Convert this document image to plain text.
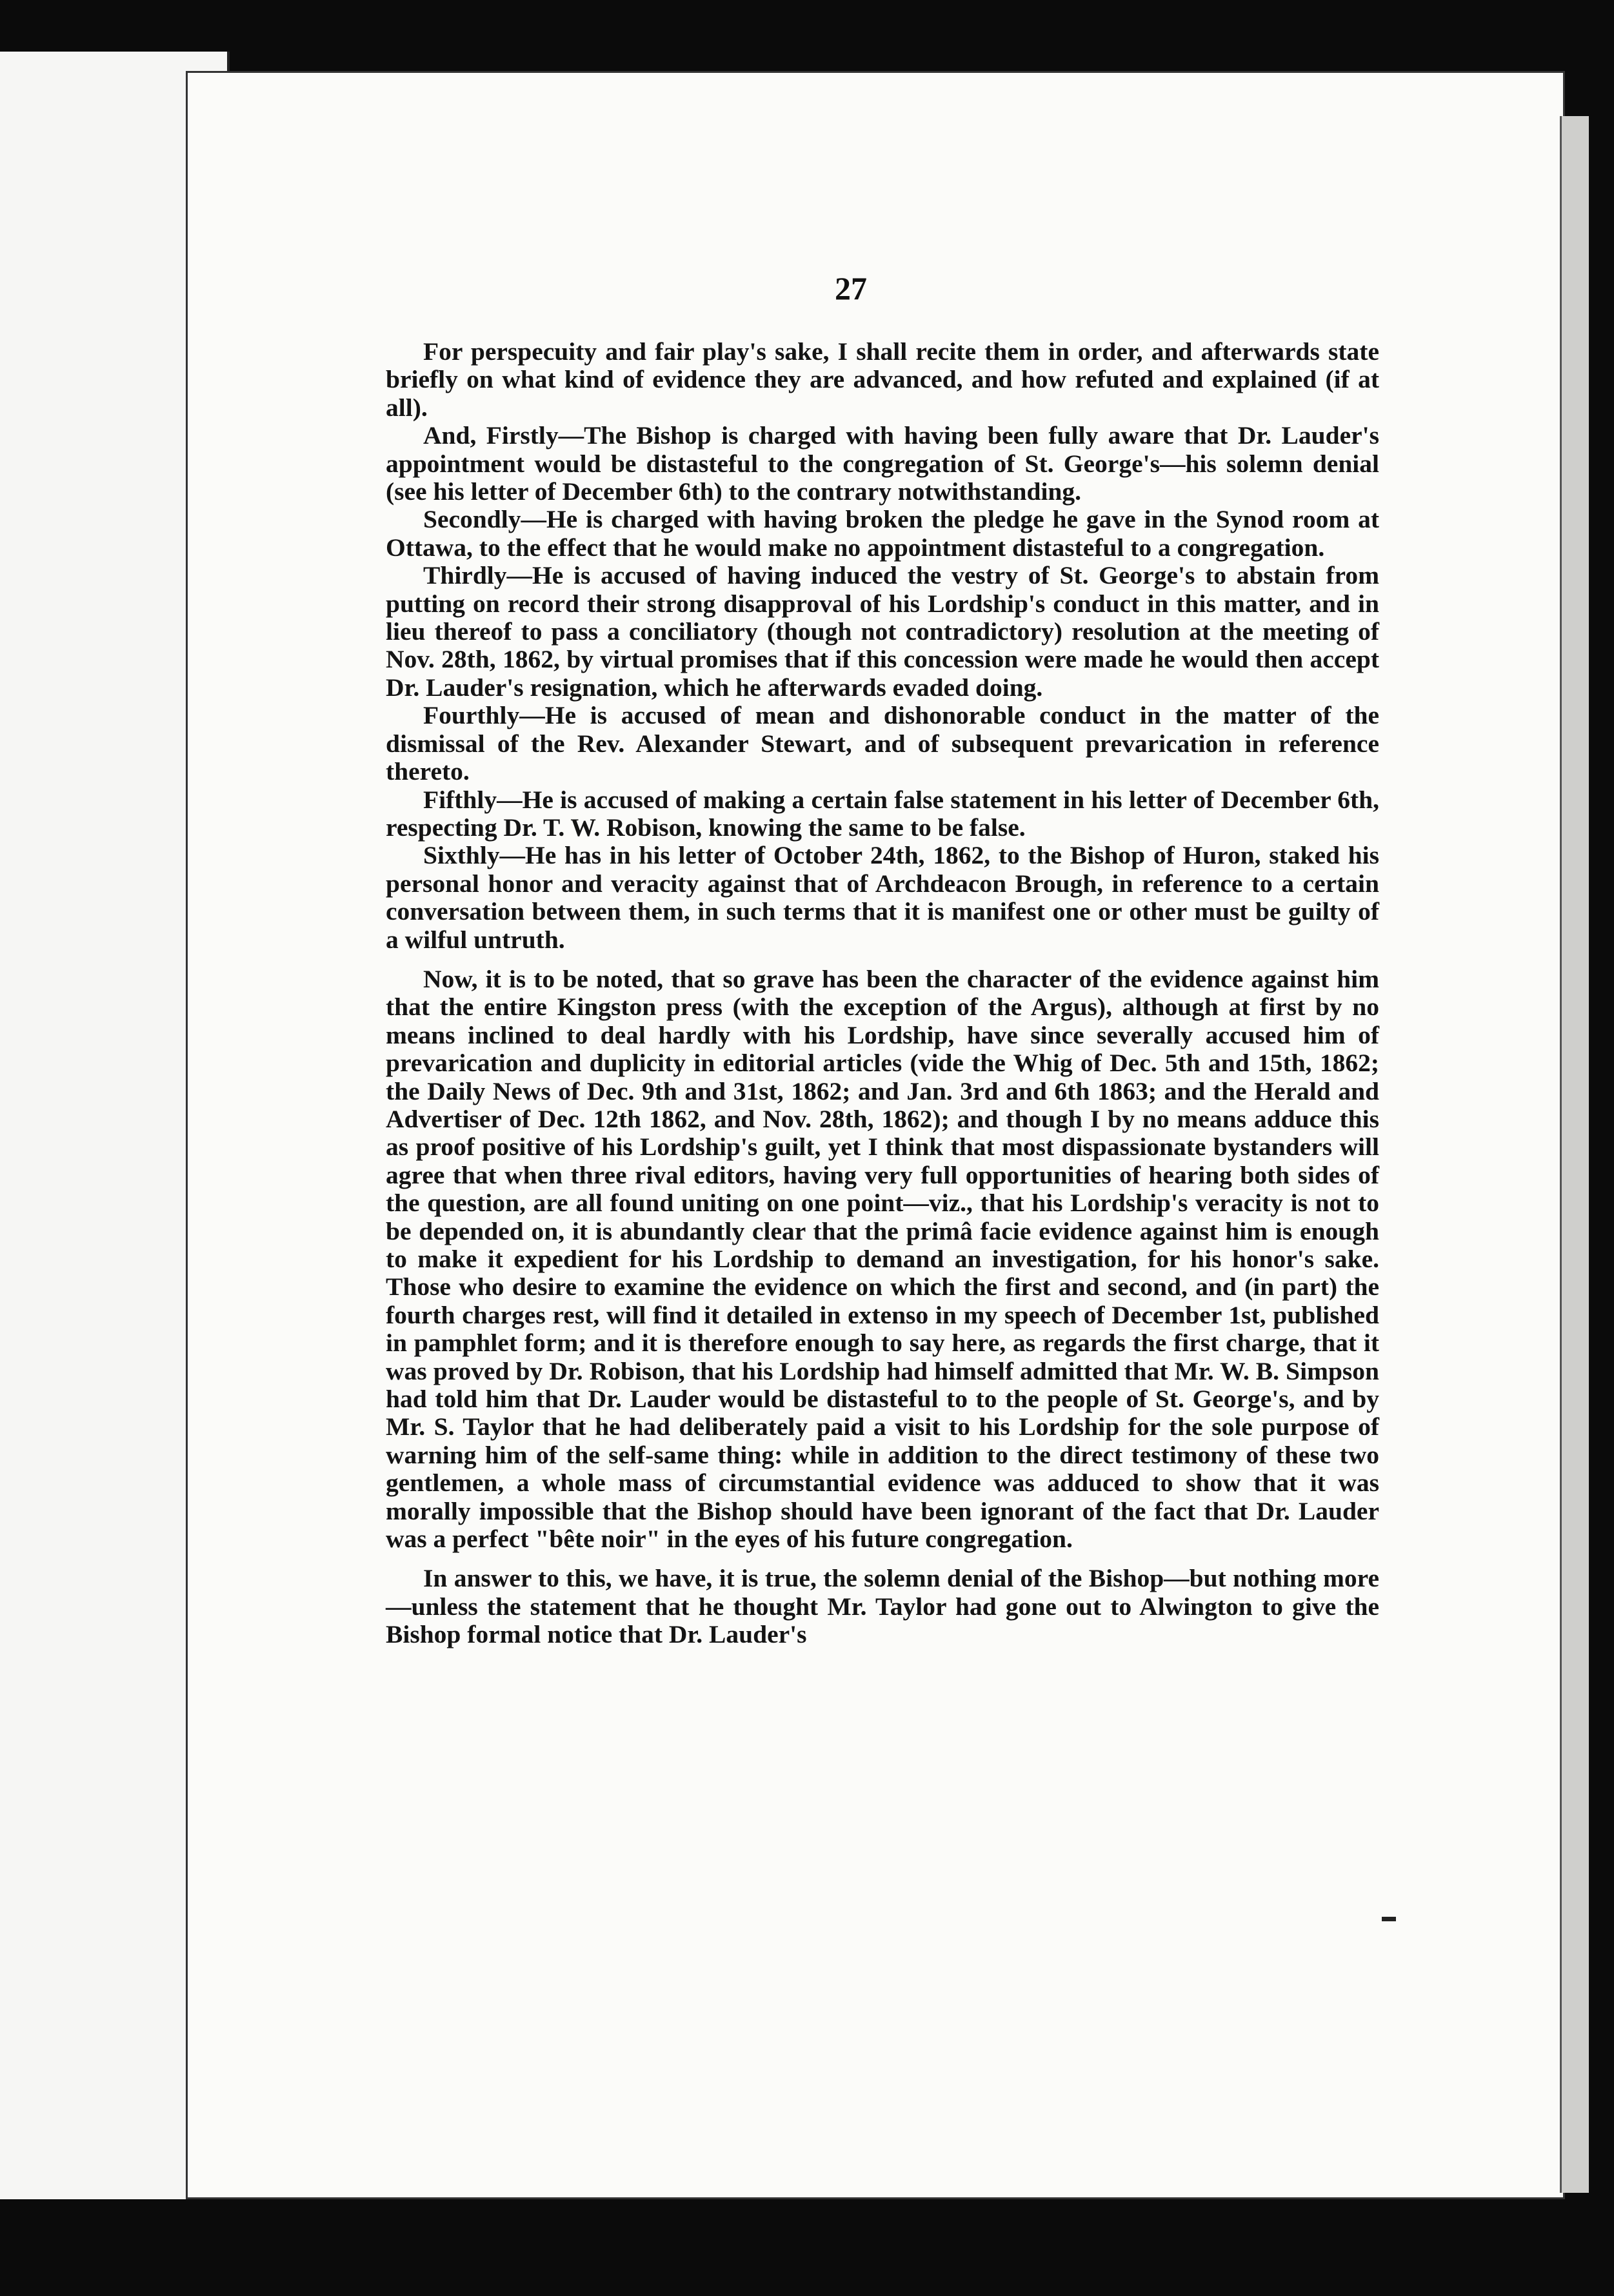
27

For perspecuity and fair play's sake, I shall recite them in order, and afterwards state briefly on what kind of evidence they are advanced, and how refuted and explained (if at all).

And, Firstly—The Bishop is charged with having been fully aware that Dr. Lauder's appointment would be distasteful to the congregation of St. George's—his solemn denial (see his letter of December 6th) to the contrary notwithstanding.

Secondly—He is charged with having broken the pledge he gave in the Synod room at Ottawa, to the effect that he would make no appointment distasteful to a congregation.

Thirdly—He is accused of having induced the vestry of St. George's to abstain from putting on record their strong disapproval of his Lordship's conduct in this matter, and in lieu thereof to pass a conciliatory (though not contradictory) resolution at the meeting of Nov. 28th, 1862, by virtual promises that if this concession were made he would then accept Dr. Lauder's resignation, which he afterwards evaded doing.

Fourthly—He is accused of mean and dishonorable conduct in the matter of the dismissal of the Rev. Alexander Stewart, and of subsequent prevarication in reference thereto.

Fifthly—He is accused of making a certain false statement in his letter of December 6th, respecting Dr. T. W. Robison, knowing the same to be false.

Sixthly—He has in his letter of October 24th, 1862, to the Bishop of Huron, staked his personal honor and veracity against that of Archdeacon Brough, in reference to a certain conversation between them, in such terms that it is manifest one or other must be guilty of a wilful untruth.

Now, it is to be noted, that so grave has been the character of the evidence against him that the entire Kingston press (with the exception of the Argus), although at first by no means inclined to deal hardly with his Lordship, have since severally accused him of prevarication and duplicity in editorial articles (vide the Whig of Dec. 5th and 15th, 1862; the Daily News of Dec. 9th and 31st, 1862; and Jan. 3rd and 6th 1863; and the Herald and Advertiser of Dec. 12th 1862, and Nov. 28th, 1862); and though I by no means adduce this as proof positive of his Lordship's guilt, yet I think that most dispassionate bystanders will agree that when three rival editors, having very full opportunities of hearing both sides of the question, are all found uniting on one point—viz., that his Lordship's veracity is not to be depended on, it is abundantly clear that the primâ facie evidence against him is enough to make it expedient for his Lordship to demand an investigation, for his honor's sake. Those who desire to examine the evidence on which the first and second, and (in part) the fourth charges rest, will find it detailed in extenso in my speech of December 1st, published in pamphlet form; and it is therefore enough to say here, as regards the first charge, that it was proved by Dr. Robison, that his Lordship had himself admitted that Mr. W. B. Simpson had told him that Dr. Lauder would be distasteful to to the people of St. George's, and by Mr. S. Taylor that he had deliberately paid a visit to his Lordship for the sole purpose of warning him of the self-same thing: while in addition to the direct testimony of these two gentlemen, a whole mass of circumstantial evidence was adduced to show that it was morally impossible that the Bishop should have been ignorant of the fact that Dr. Lauder was a perfect "bête noir" in the eyes of his future congregation.

In answer to this, we have, it is true, the solemn denial of the Bishop—but nothing more—unless the statement that he thought Mr. Taylor had gone out to Alwington to give the Bishop formal notice that Dr. Lauder's
